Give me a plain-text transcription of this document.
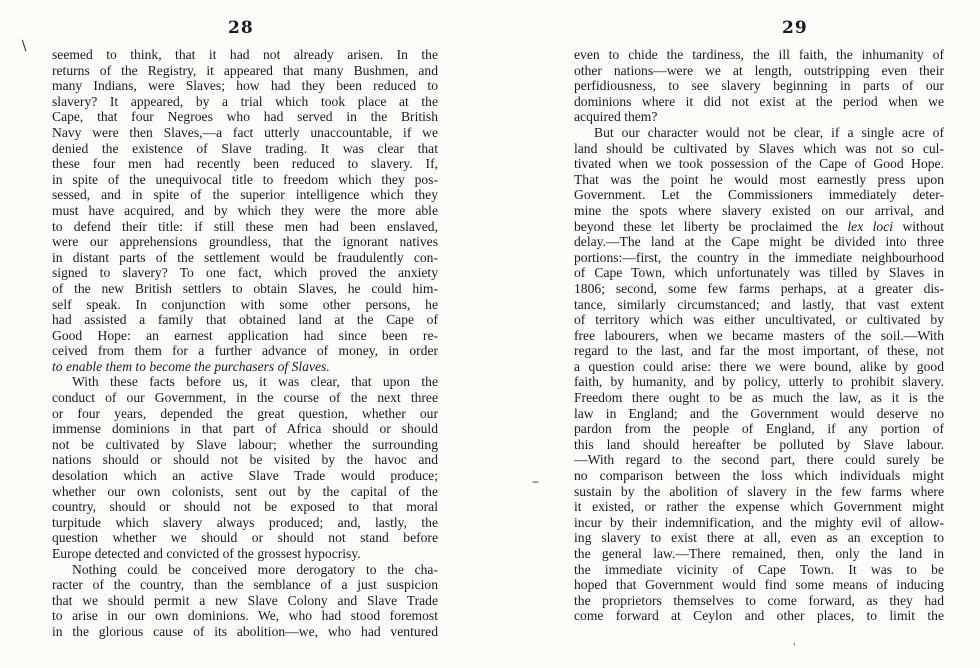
28
seemed to think, that it had not already arisen. In the
returns of the Registry, it appeared that many Bushmen, and
many Indians, were Slaves; how had they been reduced to
slavery? It appeared, by a trial which took place at the
Cape, that four Negroes who had served in the British
Navy were then Slaves,—a fact utterly unaccountable, if we
denied the existence of Slave trading. It was clear that
these four men had recently been reduced to slavery. If,
in spite of the unequivocal title to freedom which they pos-
sessed, and in spite of the superior intelligence which they
must have acquired, and by which they were the more able
to defend their title: if still these men had been enslaved,
were our apprehensions groundless, that the ignorant natives
in distant parts of the settlement would be fraudulently con-
signed to slavery? To one fact, which proved the anxiety
of the new British settlers to obtain Slaves, he could him-
self speak. In conjunction with some other persons, he
had assisted a family that obtained land at the Cape of
Good Hope: an earnest application had since been re-
ceived from them for a further advance of money, in order
to enable them to become the purchasers of Slaves.
With these facts before us, it was clear, that upon the
conduct of our Government, in the course of the next three
or four years, depended the great question, whether our
immense dominions in that part of Africa should or should
not be cultivated by Slave labour; whether the surrounding
nations should or should not be visited by the havoc and
desolation which an active Slave Trade would produce;
whether our own colonists, sent out by the capital of the
country, should or should not be exposed to that moral
turpitude which slavery always produced; and, lastly, the
question whether we should or should not stand before
Europe detected and convicted of the grossest hypocrisy.
Nothing could be conceived more derogatory to the cha-
racter of the country, than the semblance of a just suspicion
that we should permit a new Slave Colony and Slave Trade
to arise in our own dominions. We, who had stood foremost
in the glorious cause of its abolition—we, who had ventured
29
even to chide the tardiness, the ill faith, the inhumanity of
other nations—were we at length, outstripping even their
perfidiousness, to see slavery beginning in parts of our
dominions where it did not exist at the period when we
acquired them?
But our character would not be clear, if a single acre of
land should be cultivated by Slaves which was not so cul-
tivated when we took possession of the Cape of Good Hope.
That was the point he would most earnestly press upon
Government. Let the Commissioners immediately deter-
mine the spots where slavery existed on our arrival, and
beyond these let liberty be proclaimed the lex loci without
delay.—The land at the Cape might be divided into three
portions:—first, the country in the immediate neighbourhood
of Cape Town, which unfortunately was tilled by Slaves in
1806; second, some few farms perhaps, at a greater dis-
tance, similarly circumstanced; and lastly, that vast extent
of territory which was either uncultivated, or cultivated by
free labourers, when we became masters of the soil.—With
regard to the last, and far the most important, of these, not
a question could arise: there we were bound, alike by good
faith, by humanity, and by policy, utterly to prohibit slavery.
Freedom there ought to be as much the law, as it is the
law in England; and the Government would deserve no
pardon from the people of England, if any portion of
this land should hereafter be polluted by Slave labour.
—With regard to the second part, there could surely be
no comparison between the loss which individuals might
sustain by the abolition of slavery in the few farms where
it existed, or rather the expense which Government might
incur by their indemnification, and the mighty evil of allow-
ing slavery to exist there at all, even as an exception to
the general law.—There remained, then, only the land in
the immediate vicinity of Cape Town. It was to be
hoped that Government would find some means of inducing
the proprietors themselves to come forward, as they had
come forward at Ceylon and other places, to limit the
/
–
'
